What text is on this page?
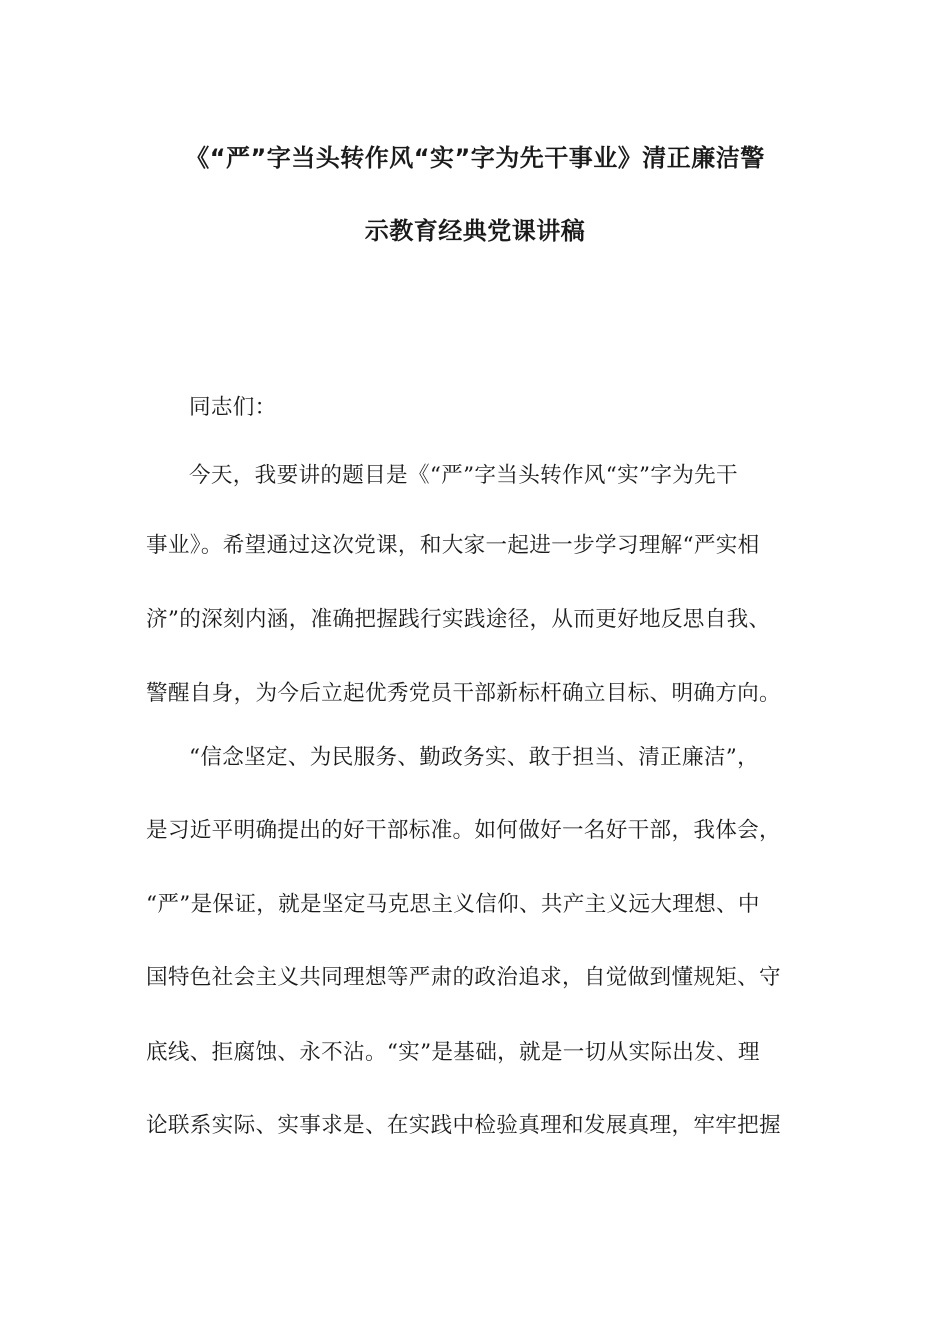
《“严”字当头转作风“实”字为先干事业》清正廉洁警
示教育经典党课讲稿
同志们：
今天，我要讲的题目是《“严”字当头转作风“实”字为先干
事业》。希望通过这次党课，和大家一起进一步学习理解“严实相
济”的深刻内涵，准确把握践行实践途径，从而更好地反思自我、
警醒自身，为今后立起优秀党员干部新标杆确立目标、明确方向。
“信念坚定、为民服务、勤政务实、敢于担当、清正廉洁”，
是习近平明确提出的好干部标准。如何做好一名好干部，我体会，
“严”是保证，就是坚定马克思主义信仰、共产主义远大理想、中
国特色社会主义共同理想等严肃的政治追求，自觉做到懂规矩、守
底线、拒腐蚀、永不沾。“实”是基础，就是一切从实际出发、理
论联系实际、实事求是、在实践中检验真理和发展真理，牢牢把握
